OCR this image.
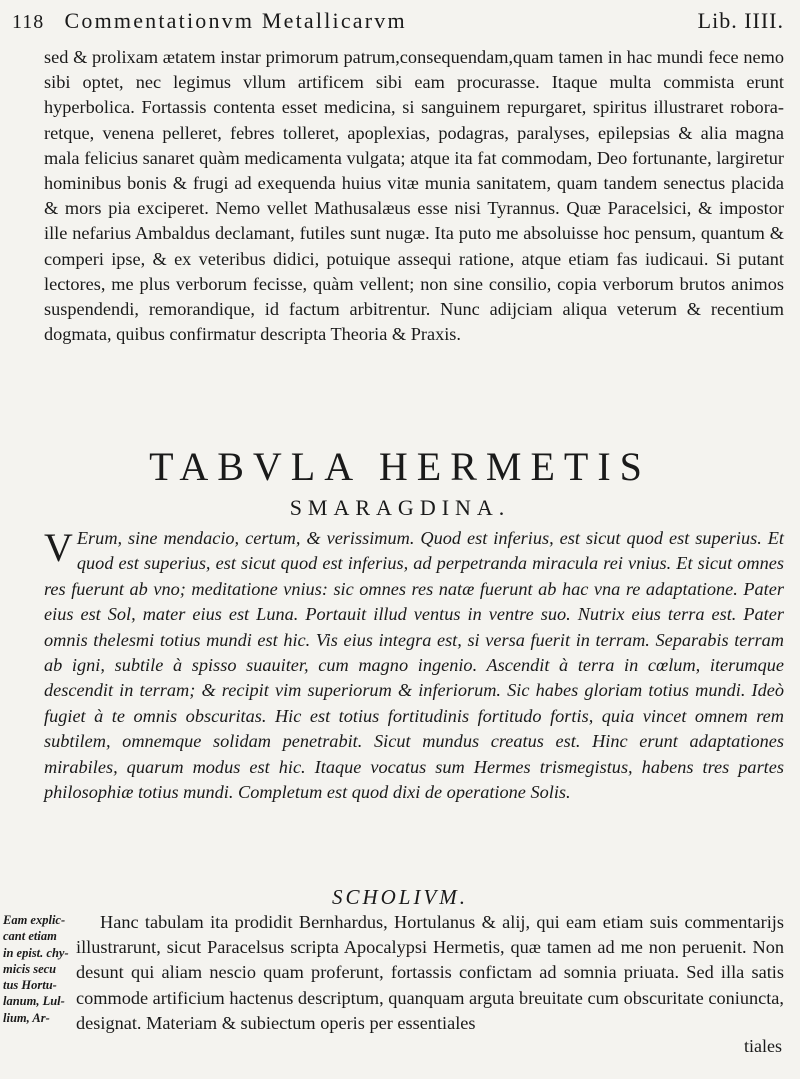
118 Commentationvm Metallicarvm	Lib. IIII.

sed & prolixam ætatem instar primorum patrum,consequendam,quam tamen in hac mundi fece nemo sibi optet, nec legimus vllum artificem sibi eam procurasse. Itaque multa commista erunt hyperbolica. Fortassis contenta esset medicina, si sanguinem repurgaret, spiritus illustraret robora-retque, venena pelleret, febres tolleret, apoplexias, podagras, paralyses, epilepsias & alia magna mala felicius sanaret quàm medicamenta vulgata; atque ita fat commodam, Deo fortunante, largiretur hominibus bonis & frugi ad exequenda huius vitæ munia sanitatem, quam tandem senectus placida & mors pia exciperet. Nemo vellet Mathusalæus esse nisi Tyrannus. Quæ Paracelsici, & impostor ille nefarius Ambaldus declamant, futiles sunt nugæ. Ita puto me absoluisse hoc pensum, quantum & comperi ipse, & ex veteribus didici, potuique assequi ratione, atque etiam fas iudicaui. Si putant lectores, me plus verborum fecisse, quàm vellent; non sine consilio, copia verborum brutos animos suspendendi, remorandique, id factum arbitrentur. Nunc adijciam aliqua veterum & recentium dogmata, quibus confirmatur descripta Theoria & Praxis.

TABVLA HERMETIS
SMARAGDINA.
V Erum, sine mendacio, certum, & verissimum. Quod est inferius, est sicut quod est superius. Et quod est superius, est sicut quod est inferius, ad perpetranda miracula rei vnius. Et sicut omnes res fuerunt ab vno; meditatione vnius: sic omnes res natæ fuerunt ab hac vna re adaptatione. Pater eius est Sol, mater eius est Luna. Portauit illud ventus in ventre suo. Nutrix eius terra est. Pater omnis thelesmi totius mundi est hic. Vis eius integra est, si versa fuerit in terram. Separabis terram ab igni, subtile à spisso suauiter, cum magno ingenio. Ascendit à terra in cœlum, iterumque descendit in terram; & recipit vim superiorum & inferiorum. Sic habes gloriam totius mundi. Ideò fugiet à te omnis obscuritas. Hic est totius fortitudinis fortitudo fortis, quia vincet omnem rem subtilem, omnemque solidam penetrabit. Sicut mundus creatus est. Hinc erunt adaptationes mirabiles, quarum modus est hic. Itaque vocatus sum Hermes trismegistus, habens tres partes philosophiæ totius mundi. Completum est quod dixi de operatione Solis.
SCHOLIVM.
Eam explic-
cant etiam
in epist. chy-
micis secu
tus Hortu-
lanum, Lul-
lium, Ar-

Hanc tabulam ita prodidit Bernhardus, Hortulanus & alij, qui eam etiam suis commentarijs illustrarunt, sicut Paracelsus scripta Apocalypsi Hermetis, quæ tamen ad me non peruenit. Non desunt qui aliam nescio quam proferunt, fortassis confictam ad somnia priuata. Sed illa satis commode artificium hactenus descriptum, quanquam arguta breuitate cum obscuritate coniuncta, designat. Materiam & subiectum operis per essentiales

tiales
